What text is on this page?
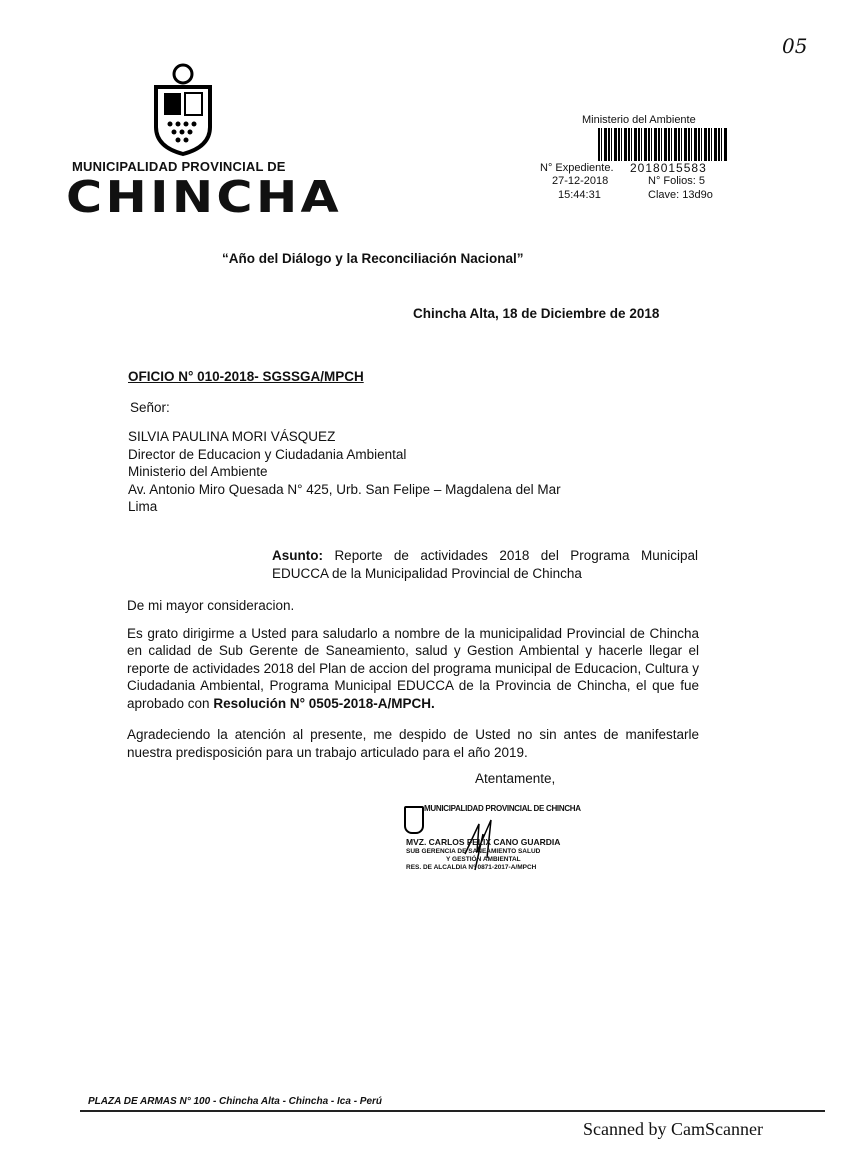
05
MUNICIPALIDAD PROVINCIAL DE
CHINCHA
Ministerio del Ambiente
N° Expediente. 2018015583
27-12-2018	N° Folios: 5
15:44:31	Clave: 13d9o
“Año del Diálogo y la Reconciliación Nacional”
Chincha Alta, 18 de Diciembre de 2018
OFICIO N° 010-2018- SGSSGA/MPCH
Señor:
SILVIA PAULINA MORI VÁSQUEZ
Director de Educacion y Ciudadania Ambiental
Ministerio del Ambiente
Av. Antonio Miro Quesada N° 425, Urb. San Felipe – Magdalena del Mar
Lima
Asunto: Reporte de actividades 2018 del Programa Municipal EDUCCA de la Municipalidad Provincial de Chincha
De mi mayor consideracion.
Es grato dirigirme a Usted para saludarlo a nombre de la municipalidad Provincial de Chincha en calidad de Sub Gerente de Saneamiento, salud y Gestion Ambiental y hacerle llegar el reporte de actividades 2018 del Plan de accion del programa municipal de Educacion, Cultura y Ciudadania Ambiental, Programa Municipal EDUCCA de la Provincia de Chincha, el que fue aprobado con Resolución N° 0505-2018-A/MPCH.
Agradeciendo la atención al presente, me despido de Usted no sin antes de manifestarle nuestra predisposición para un trabajo articulado para el año 2019.
Atentamente,
MUNICIPALIDAD PROVINCIAL DE CHINCHA
MVZ. CARLOS FELIX CANO GUARDIA
SUB GERENCIA DE SANEAMIENTO SALUD
Y GESTIÓN AMBIENTAL
RES. DE ALCALDIA N° 0871-2017-A/MPCH
PLAZA DE ARMAS N° 100 - Chincha Alta - Chincha - Ica - Perú
Scanned by CamScanner
